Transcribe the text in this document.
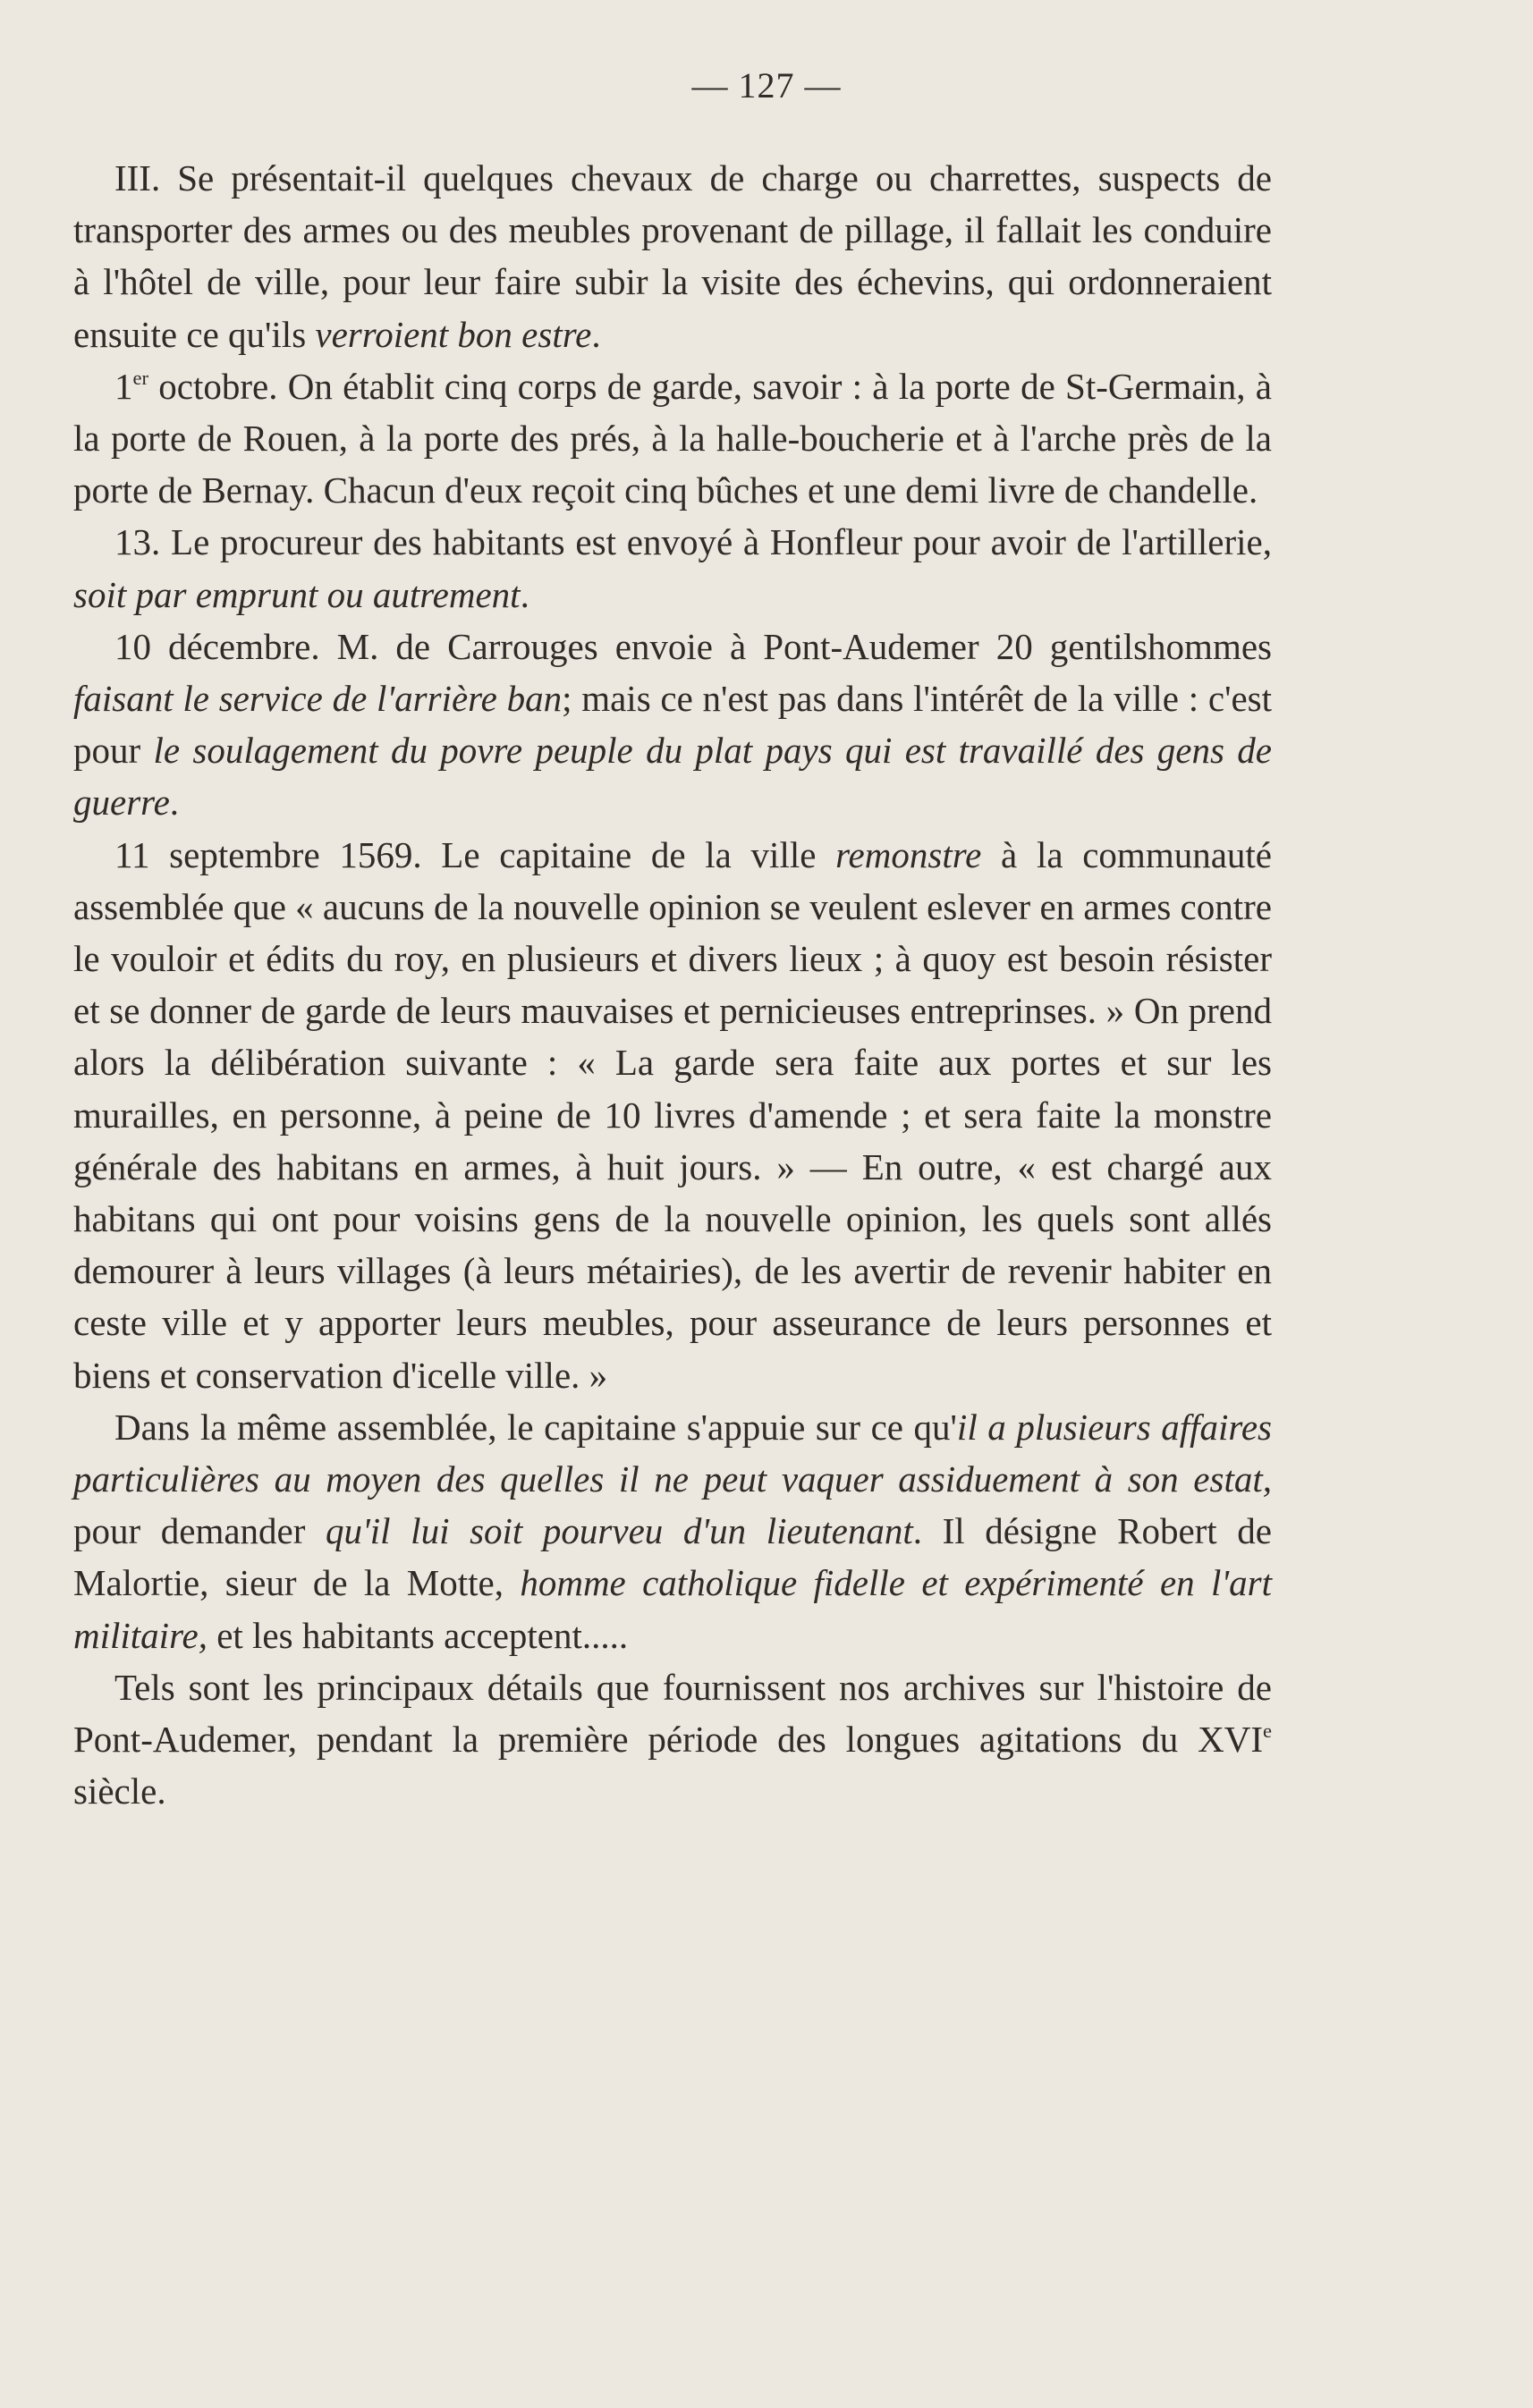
— 127 —

III. Se présentait-il quelques chevaux de charge ou charrettes, suspects de transporter des armes ou des meubles provenant de pillage, il fallait les conduire à l'hôtel de ville, pour leur faire subir la visite des échevins, qui ordonneraient ensuite ce qu'ils verroient bon estre.

1er octobre. On établit cinq corps de garde, savoir : à la porte de St-Germain, à la porte de Rouen, à la porte des prés, à la halle-boucherie et à l'arche près de la porte de Bernay. Chacun d'eux reçoit cinq bûches et une demi livre de chandelle.

13. Le procureur des habitants est envoyé à Honfleur pour avoir de l'artillerie, soit par emprunt ou autrement.

10 décembre. M. de Carrouges envoie à Pont-Audemer 20 gentilshommes faisant le service de l'arrière ban; mais ce n'est pas dans l'intérêt de la ville : c'est pour le soulagement du povre peuple du plat pays qui est travaillé des gens de guerre.

11 septembre 1569. Le capitaine de la ville remonstre à la communauté assemblée que « aucuns de la nouvelle opinion se veulent eslever en armes contre le vouloir et édits du roy, en plusieurs et divers lieux ; à quoy est besoin résister et se donner de garde de leurs mauvaises et pernicieuses entreprinses. » On prend alors la délibération suivante : « La garde sera faite aux portes et sur les murailles, en personne, à peine de 10 livres d'amende ; et sera faite la monstre générale des habitans en armes, à huit jours. » — En outre, « est chargé aux habitans qui ont pour voisins gens de la nouvelle opinion, les quels sont allés demourer à leurs villages (à leurs métairies), de les avertir de revenir habiter en ceste ville et y apporter leurs meubles, pour asseurance de leurs personnes et biens et conservation d'icelle ville. »

Dans la même assemblée, le capitaine s'appuie sur ce qu'il a plusieurs affaires particulières au moyen des quelles il ne peut vaquer assiduement à son estat, pour demander qu'il lui soit pourveu d'un lieutenant. Il désigne Robert de Malortie, sieur de la Motte, homme catholique fidelle et expérimenté en l'art militaire, et les habitants acceptent.....

Tels sont les principaux détails que fournissent nos archives sur l'histoire de Pont-Audemer, pendant la première période des longues agitations du XVIe siècle.
